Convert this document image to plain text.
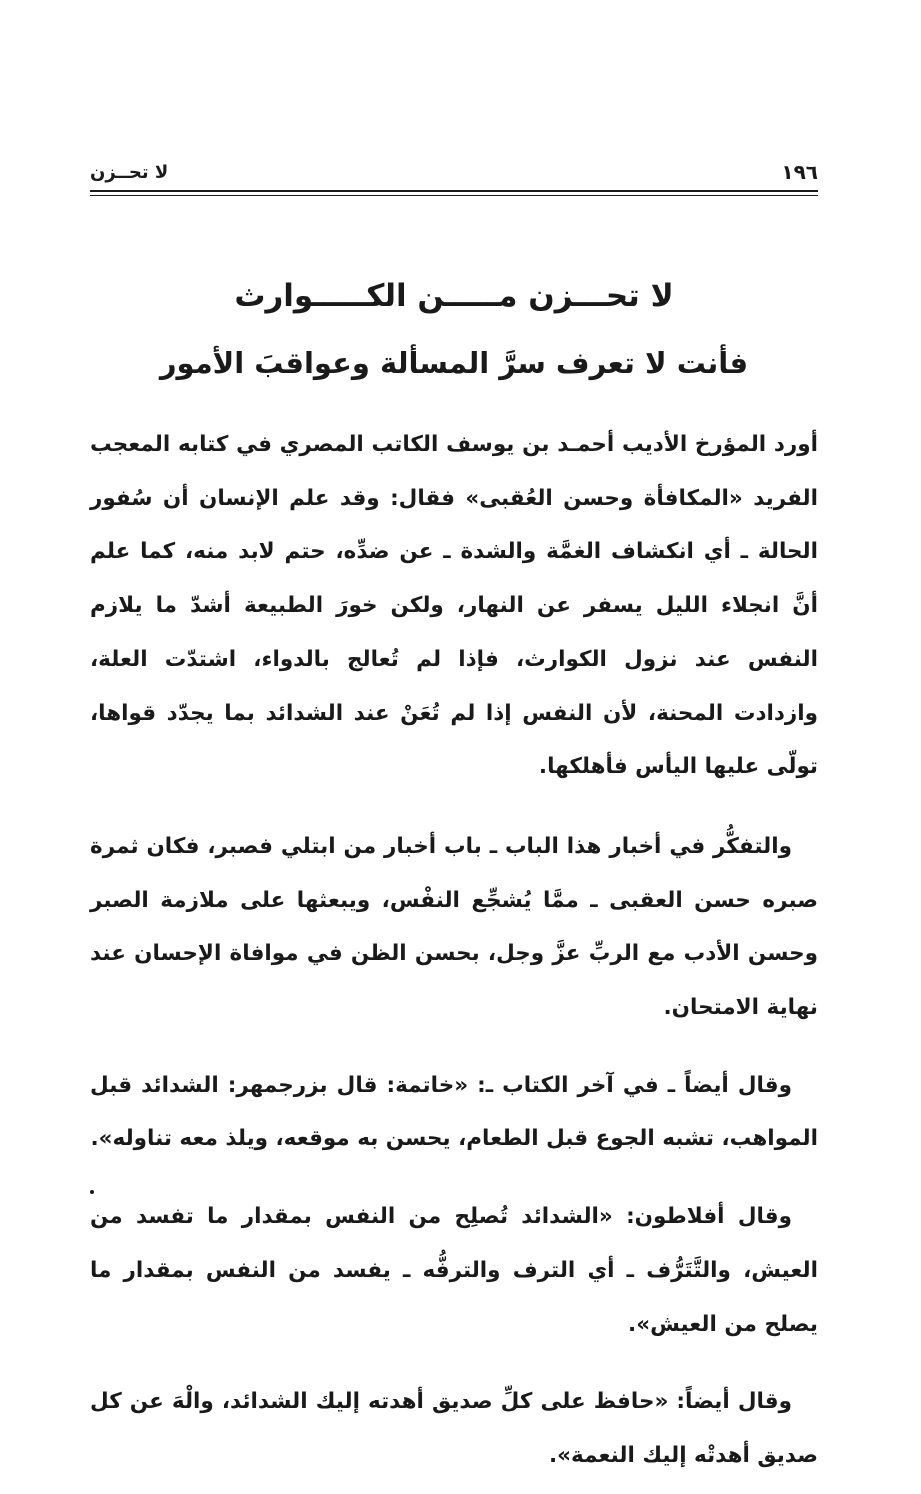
١٩٦
لا تحــزن
لا تحـــزن مـــــن الكـــــوارث
فأنت لا تعرف سرَّ المسألة وعواقبَ الأمور

أورد المؤرخ الأديب أحمـد بن يوسف الكاتب المصري في كتابه المعجب الفريد «المكافأة وحسن العُقبى» فقال: وقد علم الإنسان أن سُفور الحالة ـ أي انكشاف الغمَّة والشدة ـ عن ضدِّه، حتم لابد منه، كما علم أنَّ انجلاء الليل يسفر عن النهار، ولكن خورَ الطبيعة أشدّ ما يلازم النفس عند نزول الكوارث، فإذا لم تُعالج بالدواء، اشتدّت العلة، وازدادت المحنة، لأن النفس إذا لم تُعَنْ عند الشدائد بما يجدّد قواها، تولّى عليها اليأس فأهلكها.

والتفكُّر في أخبار هذا الباب ـ باب أخبار من ابتلي فصبر، فكان ثمرة صبره حسن العقبى ـ ممَّا يُشجِّع النفْس، ويبعثها على ملازمة الصبر وحسن الأدب مع الربِّ عزَّ وجل، بحسن الظن في موافاة الإحسان عند نهاية الامتحان.

وقال أيضاً ـ في آخر الكتاب ـ: «خاتمة: قال بزرجمهر: الشدائد قبل المواهب، تشبه الجوع قبل الطعام، يحسن به موقعه، ويلذ معه تناوله».

وقال أفلاطون: «الشدائد تُصلِح من النفس بمقدار ما تفسد من العيش، والتَّتَرُّف ـ أي الترف والترفُّه ـ يفسد من النفس بمقدار ما يصلح من العيش».

وقال أيضاً: «حافظ على كلِّ صديق أهدته إليك الشدائد، والْهَ عن كل صديق أهدتْه إليك النعمة».
